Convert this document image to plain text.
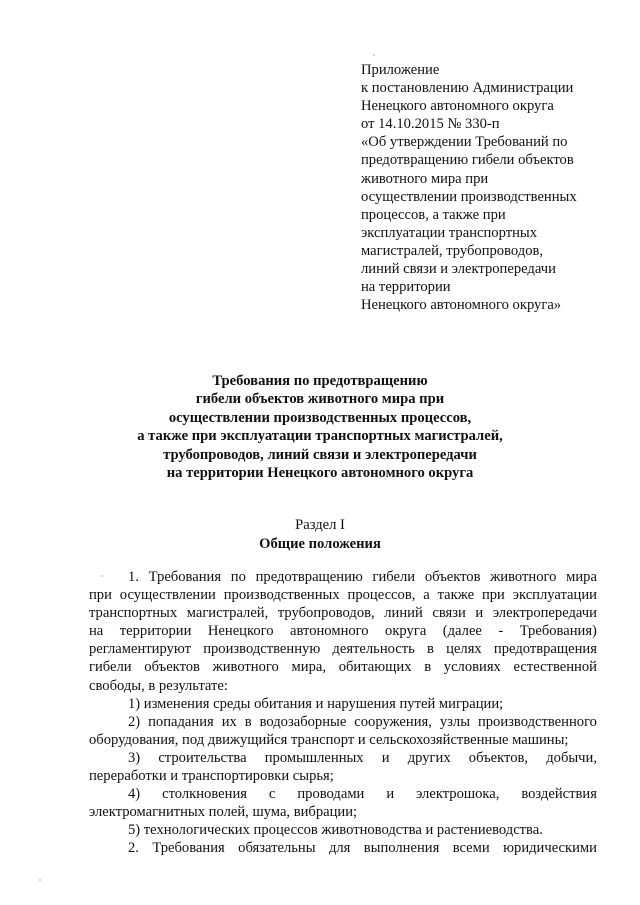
Приложение
к постановлению Администрации
Ненецкого автономного округа
от 14.10.2015 № 330-п
«Об утверждении Требований по
предотвращению гибели объектов
животного мира при
осуществлении производственных
процессов, а также при
эксплуатации транспортных
магистралей, трубопроводов,
линий связи и электропередачи
на территории
Ненецкого автономного округа»
Требования по предотвращению
гибели объектов животного мира при
осуществлении производственных процессов,
а также при эксплуатации транспортных магистралей,
трубопроводов, линий связи и электропередачи
на территории Ненецкого автономного округа
Раздел I
Общие положения
1. Требования по предотвращению гибели объектов животного мира
при осуществлении производственных процессов, а также при эксплуатации
транспортных магистралей, трубопроводов, линий связи и электропередачи
на территории Ненецкого автономного округа (далее - Требования)
регламентируют производственную деятельность в целях предотвращения
гибели объектов животного мира, обитающих в условиях естественной
свободы, в результате:
1) изменения среды обитания и нарушения путей миграции;
2) попадания их в водозаборные сооружения, узлы производственного
оборудования, под движущийся транспорт и сельскохозяйственные машины;
3) строительства промышленных и других объектов, добычи,
переработки и транспортировки сырья;
4) столкновения с проводами и электрошока, воздействия
электромагнитных полей, шума, вибрации;
5) технологических процессов животноводства и растениеводства.
2. Требования обязательны для выполнения всеми юридическими
